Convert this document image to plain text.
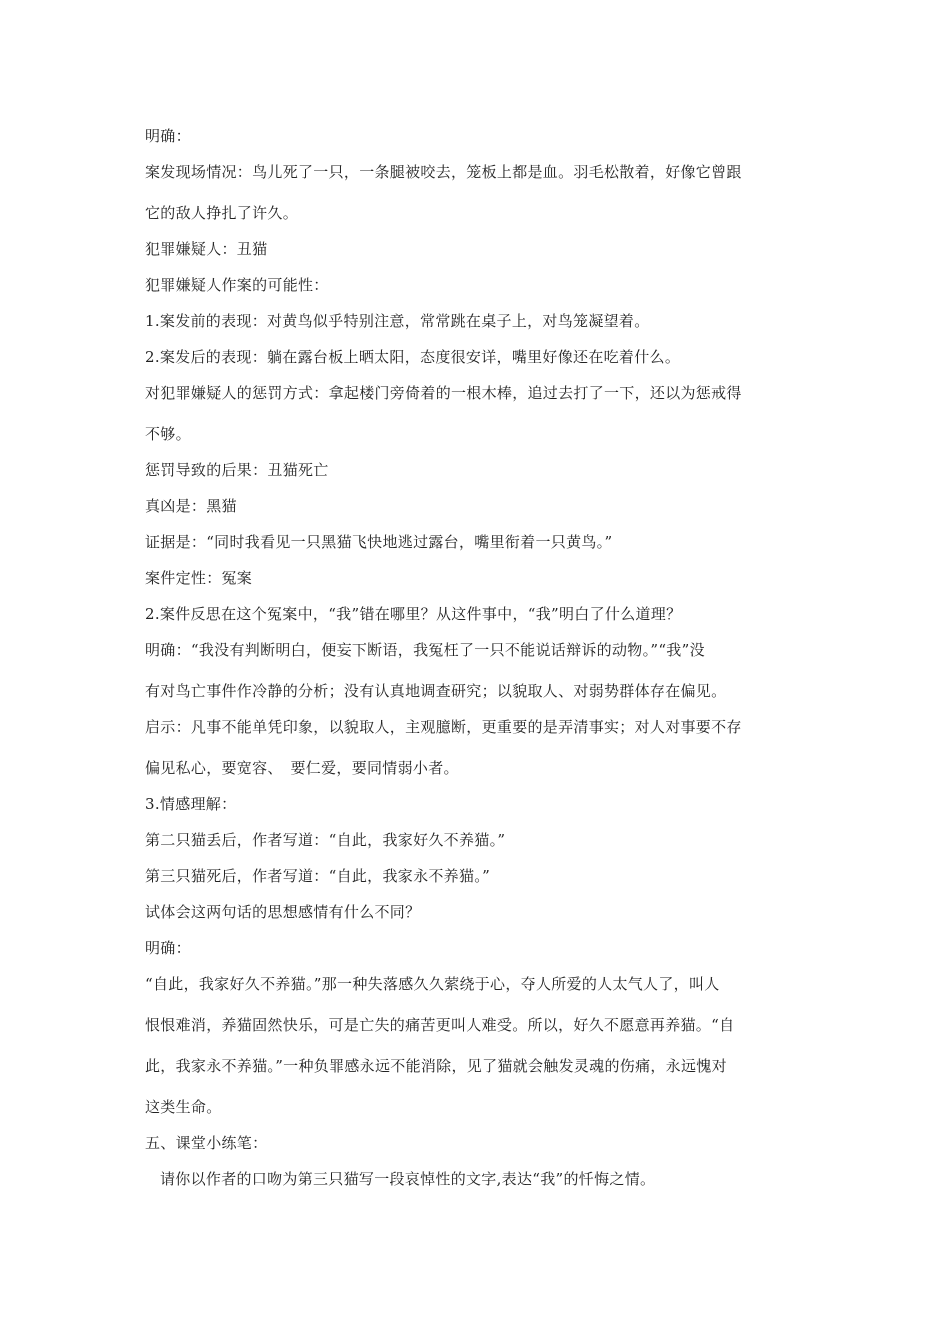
明确：
案发现场情况：鸟儿死了一只，一条腿被咬去，笼板上都是血。羽毛松散着，好像它曾跟
它的敌人挣扎了许久。
犯罪嫌疑人：丑猫
犯罪嫌疑人作案的可能性：
1.案发前的表现：对黄鸟似乎特别注意，常常跳在桌子上，对鸟笼凝望着。
2.案发后的表现：躺在露台板上晒太阳，态度很安详，嘴里好像还在吃着什么。
对犯罪嫌疑人的惩罚方式：拿起楼门旁倚着的一根木棒，追过去打了一下，还以为惩戒得
不够。
惩罚导致的后果：丑猫死亡
真凶是：黑猫
证据是：“同时我看见一只黑猫飞快地逃过露台，嘴里衔着一只黄鸟。”
案件定性：冤案
2.案件反思在这个冤案中，“我”错在哪里？从这件事中，“我”明白了什么道理？
明确：“我没有判断明白，便妄下断语，我冤枉了一只不能说话辩诉的动物。”“我”没
有对鸟亡事件作冷静的分析；没有认真地调查研究；以貌取人、对弱势群体存在偏见。
启示：凡事不能单凭印象，以貌取人，主观臆断，更重要的是弄清事实；对人对事要不存
偏见私心，要宽容、　要仁爱，要同情弱小者。
3.情感理解：
第二只猫丢后，作者写道：“自此，我家好久不养猫。”
第三只猫死后，作者写道：“自此，我家永不养猫。”
试体会这两句话的思想感情有什么不同？
明确：
“自此，我家好久不养猫。”那一种失落感久久萦绕于心，夺人所爱的人太气人了，叫人
恨恨难消，养猫固然快乐，可是亡失的痛苦更叫人难受。所以，好久不愿意再养猫。“自
此，我家永不养猫。”一种负罪感永远不能消除，见了猫就会触发灵魂的伤痛，永远愧对
这类生命。
五、课堂小练笔：
请你以作者的口吻为第三只猫写一段哀悼性的文字,表达“我”的忏悔之情。
